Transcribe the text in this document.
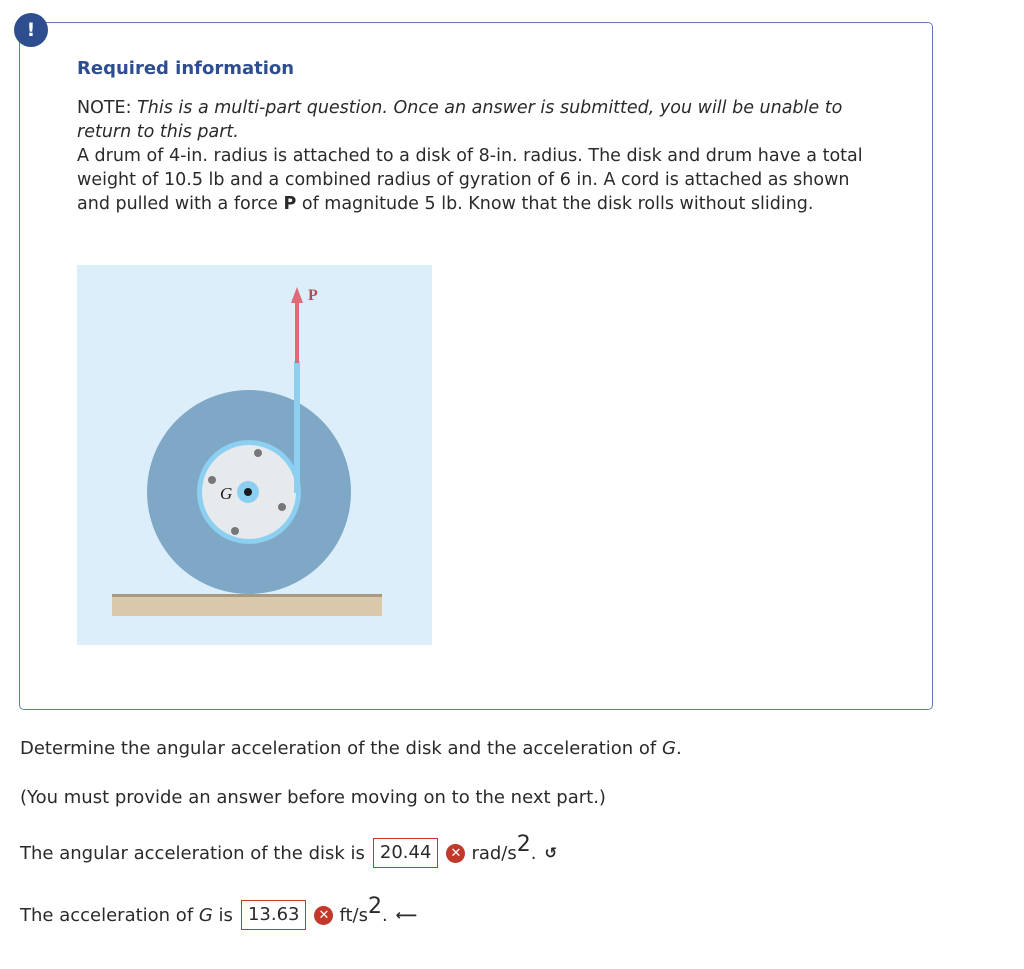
!
Required information

NOTE: This is a multi-part question. Once an answer is submitted, you will be unable to return to this part.

A drum of 4-in. radius is attached to a disk of 8-in. radius. The disk and drum have a total weight of 10.5 lb and a combined radius of gyration of 6 in. A cord is attached as shown and pulled with a force P of magnitude 5 lb. Know that the disk rolls without sliding.

G
P

Determine the angular acceleration of the disk and the acceleration of G.

(You must provide an answer before moving on to the next part.)

The angular acceleration of the disk is 20.44	✕ rad/$s^2$. ↺
The acceleration of G is 13.63	✕ $ft/s^2$. ⟵
